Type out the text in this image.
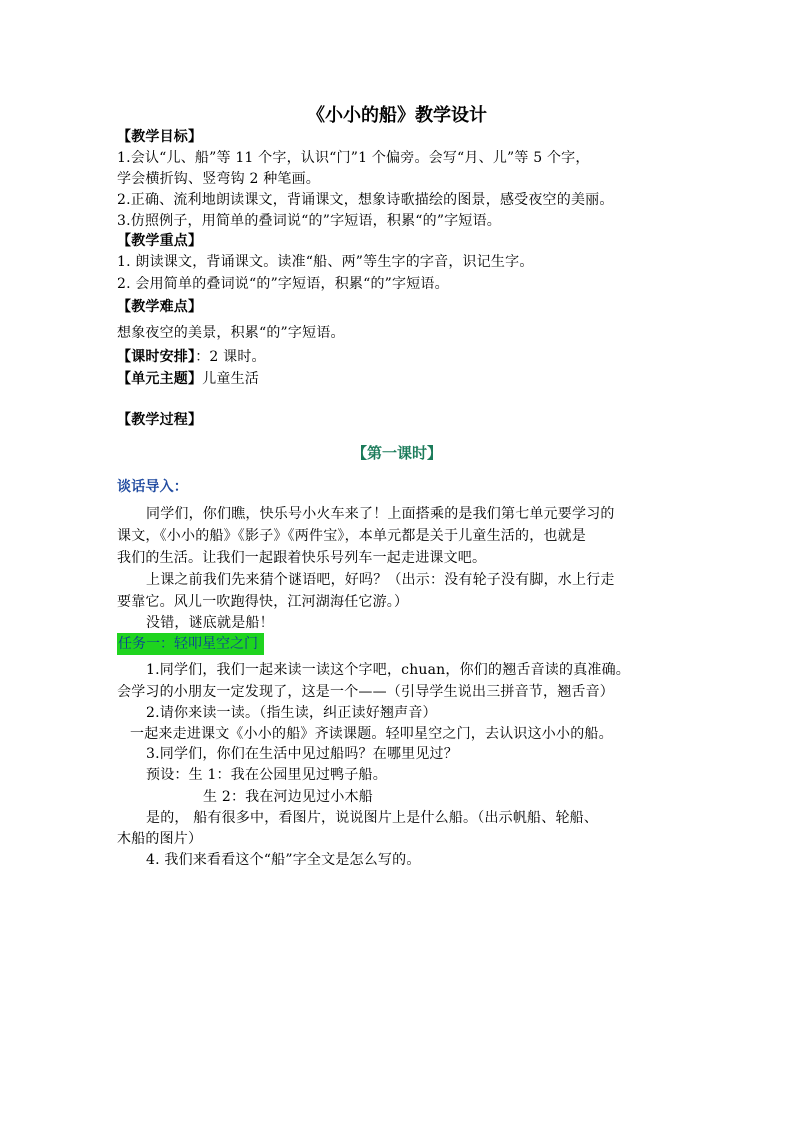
《小小的船》教学设计
【教学目标】
1.会认“儿、船”等 11 个字，认识“门”1 个偏旁。会写“月、儿”等 5 个字，
学会横折钩、竖弯钩 2 种笔画。
2.正确、流利地朗读课文，背诵课文，想象诗歌描绘的图景，感受夜空的美丽。
3.仿照例子，用简单的叠词说“的”字短语，积累“的”字短语。
【教学重点】
1. 朗读课文，背诵课文。读准“船、两”等生字的字音，识记生字。
2. 会用简单的叠词说“的”字短语，积累“的”字短语。
【教学难点】
想象夜空的美景，积累“的”字短语。
【课时安排】：2 课时。
【单元主题】儿童生活
【教学过程】
【第一课时】
谈话导入：
同学们，你们瞧，快乐号小火车来了！上面搭乘的是我们第七单元要学习的
课文，《小小的船》《影子》《两件宝》，本单元都是关于儿童生活的，也就是
我们的生活。让我们一起跟着快乐号列车一起走进课文吧。
上课之前我们先来猜个谜语吧，好吗？（出示：没有轮子没有脚，水上行走
要靠它。风儿一吹跑得快，江河湖海任它游。）
没错，谜底就是船！
任务一：轻叩星空之门
1.同学们，我们一起来读一读这个字吧，chuan，你们的翘舌音读的真准确。
会学习的小朋友一定发现了，这是一个——（引导学生说出三拼音节，翘舌音）
2.请你来读一读。（指生读，纠正读好翘声音）
一起来走进课文《小小的船》齐读课题。轻叩星空之门，去认识这小小的船。
3.同学们，你们在生活中见过船吗？在哪里见过？
预设：生 1：我在公园里见过鸭子船。
生 2：我在河边见过小木船
是的， 船有很多中，看图片，说说图片上是什么船。（出示帆船、轮船、
木船的图片）
4. 我们来看看这个“船”字全文是怎么写的。
